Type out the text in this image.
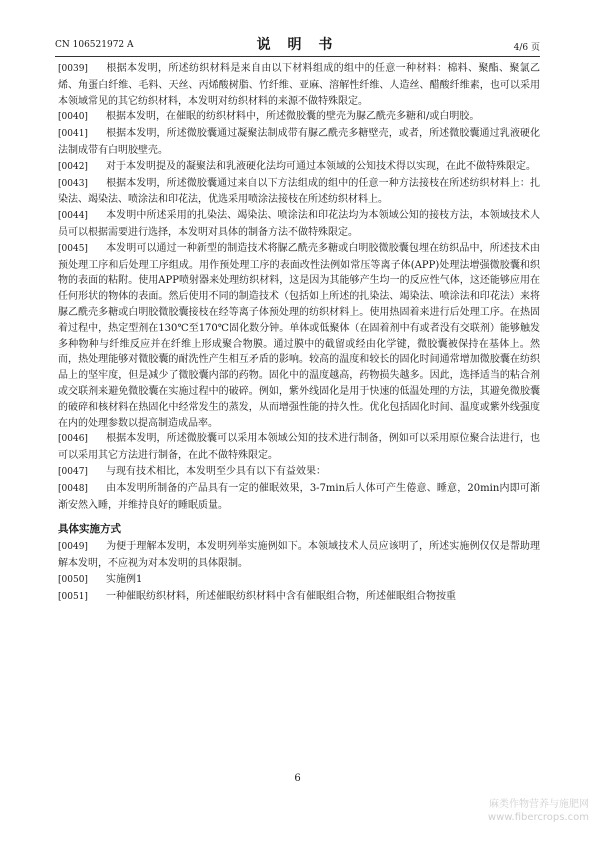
CN 106521972 A	说 明 书	4/6 页

[0039] 根据本发明，所述纺织材料是来自由以下材料组成的组中的任意一种材料：棉料、聚酯、聚氯乙烯、角蛋白纤维、毛料、天丝、丙烯酸树脂、竹纤维、亚麻、溶解性纤维、人造丝、醋酸纤维素，也可以采用本领域常见的其它纺织材料，本发明对纺织材料的来源不做特殊限定。

[0040] 根据本发明，在催眠的纺织材料中，所述微胶囊的壁壳为脲乙酰壳多糖和/或白明胶。

[0041] 根据本发明，所述微胶囊通过凝聚法制成带有脲乙酰壳多糖壁壳，或者，所述微胶囊通过乳液硬化法制成带有白明胶壁壳。

[0042] 对于本发明提及的凝聚法和乳液硬化法均可通过本领域的公知技术得以实现，在此不做特殊限定。

[0043] 根据本发明，所述微胶囊通过来自以下方法组成的组中的任意一种方法接枝在所述纺织材料上：扎染法、竭染法、喷涂法和印花法，优选采用喷涂法接枝在所述纺织材料上。

[0044] 本发明中所述采用的扎染法、竭染法、喷涂法和印花法均为本领域公知的接枝方法，本领域技术人员可以根据需要进行选择，本发明对具体的制备方法不做特殊限定。

[0045] 本发明可以通过一种新型的制造技术将脲乙酰壳多糖或白明胶微胶囊包埋在纺织品中，所述技术由预处理工序和后处理工序组成。用作预处理工序的表面改性法例如常压等离子体(APP)处理法增强微胶囊和织物的表面的粘附。使用APP喷射器来处理纺织材料，这是因为其能够产生均一的反应性气体，这还能够应用在任何形状的物体的表面。然后使用不同的制造技术（包括如上所述的扎染法、竭染法、喷涂法和印花法）来将脲乙酰壳多糖或白明胶微胶囊接枝在经等离子体预处理的纺织材料上。使用热固着来进行后处理工序。在热固着过程中，热定型剂在130℃至170℃固化数分钟。单体或低聚体（在固着剂中有或者没有交联剂）能够触发多种物种与纤维反应并在纤维上形成聚合物膜。通过膜中的截留或经由化学键，微胶囊被保持在基体上。然而，热处理能够对微胶囊的耐洗性产生相互矛盾的影响。较高的温度和较长的固化时间通常增加微胶囊在纺织品上的坚牢度，但是减少了微胶囊内部的药物。固化中的温度越高，药物损失越多。因此，选择适当的粘合剂或交联剂来避免微胶囊在实施过程中的破碎。例如，紫外线固化是用于快速的低温处理的方法，其避免微胶囊的破碎和核材料在热固化中经常发生的蒸发，从而增强性能的持久性。优化包括固化时间、温度或紫外线强度在内的处理参数以提高制造成品率。

[0046] 根据本发明，所述微胶囊可以采用本领域公知的技术进行制备，例如可以采用原位聚合法进行，也可以采用其它方法进行制备，在此不做特殊限定。

[0047] 与现有技术相比，本发明至少具有以下有益效果：

[0048] 由本发明所制备的产品具有一定的催眠效果，3-7min后人体可产生倦意、睡意，20min内即可渐渐安然入睡，并维持良好的睡眠质量。

具体实施方式

[0049] 为便于理解本发明，本发明列举实施例如下。本领域技术人员应该明了，所述实施例仅仅是帮助理解本发明，不应视为对本发明的具体限制。

[0050] 实施例1

[0051] 一种催眠纺织材料，所述催眠纺织材料中含有催眠组合物，所述催眠组合物按重

6
麻类作物营养与施肥网
www.fibercrops.com
